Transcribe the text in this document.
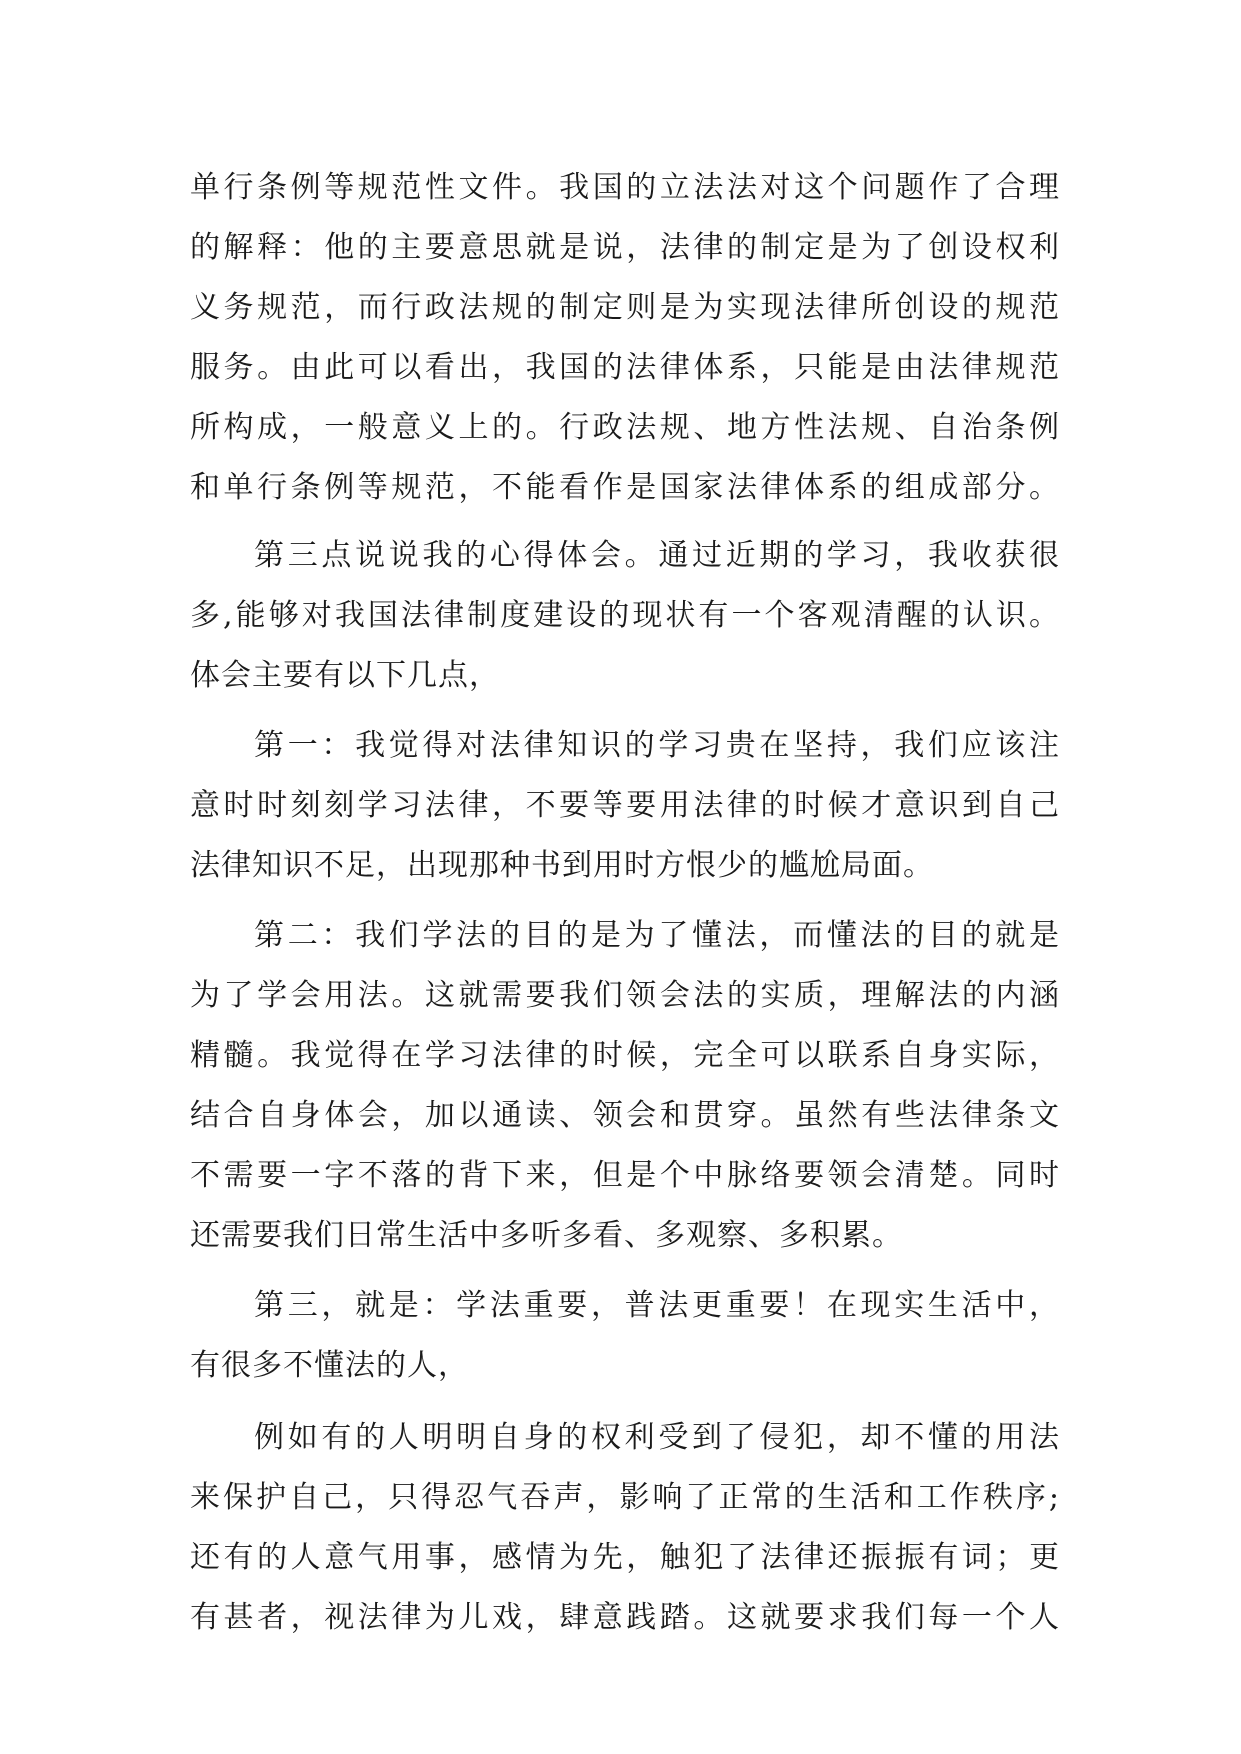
单行条例等规范性文件。我国的立法法对这个问题作了合理
的解释：他的主要意思就是说，法律的制定是为了创设权利
义务规范，而行政法规的制定则是为实现法律所创设的规范
服务。由此可以看出，我国的法律体系，只能是由法律规范
所构成，一般意义上的。行政法规、地方性法规、自治条例
和单行条例等规范，不能看作是国家法律体系的组成部分。
第三点说说我的心得体会。通过近期的学习，我收获很
多,能够对我国法律制度建设的现状有一个客观清醒的认识。
体会主要有以下几点，
第一：我觉得对法律知识的学习贵在坚持，我们应该注
意时时刻刻学习法律，不要等要用法律的时候才意识到自己
法律知识不足，出现那种书到用时方恨少的尴尬局面。
第二：我们学法的目的是为了懂法，而懂法的目的就是
为了学会用法。这就需要我们领会法的实质，理解法的内涵
精髓。我觉得在学习法律的时候，完全可以联系自身实际，
结合自身体会，加以通读、领会和贯穿。虽然有些法律条文
不需要一字不落的背下来，但是个中脉络要领会清楚。同时
还需要我们日常生活中多听多看、多观察、多积累。
第三，就是：学法重要，普法更重要！在现实生活中，
有很多不懂法的人，
例如有的人明明自身的权利受到了侵犯，却不懂的用法
来保护自己，只得忍气吞声，影响了正常的生活和工作秩序;
还有的人意气用事，感情为先，触犯了法律还振振有词；更
有甚者，视法律为儿戏，肆意践踏。这就要求我们每一个人
